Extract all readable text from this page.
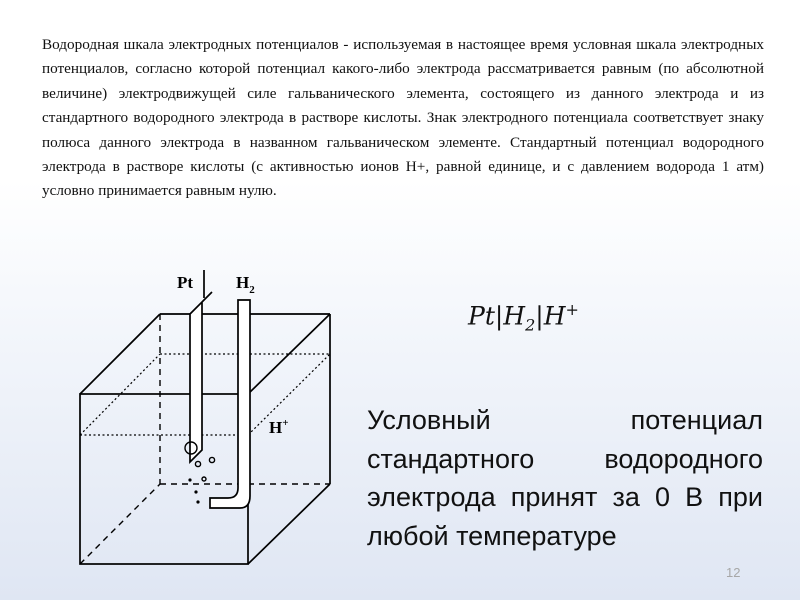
Водородная шкала электродных потенциалов - используемая в настоящее время условная шкала электродных потенциалов, согласно которой потенциал какого-либо электрода рассматривается равным (по абсолютной величине) электродвижущей силе гальванического элемента, состоящего из данного электрода и из стандартного водородного электрода в растворе кислоты. Знак электродного потенциала соответствует знаку полюса данного электрода в названном гальваническом элементе. Стандартный потенциал водородного электрода в растворе кислоты (с активностью ионов Н+, равной единице, и с давлением водорода 1 атм) условно принимается равным нулю.

Pt	$H_2$
H+
$Pt|H_2|H^+$

Условный потенциал стандартного водородного электрода принят за 0 В при любой температуре

12
